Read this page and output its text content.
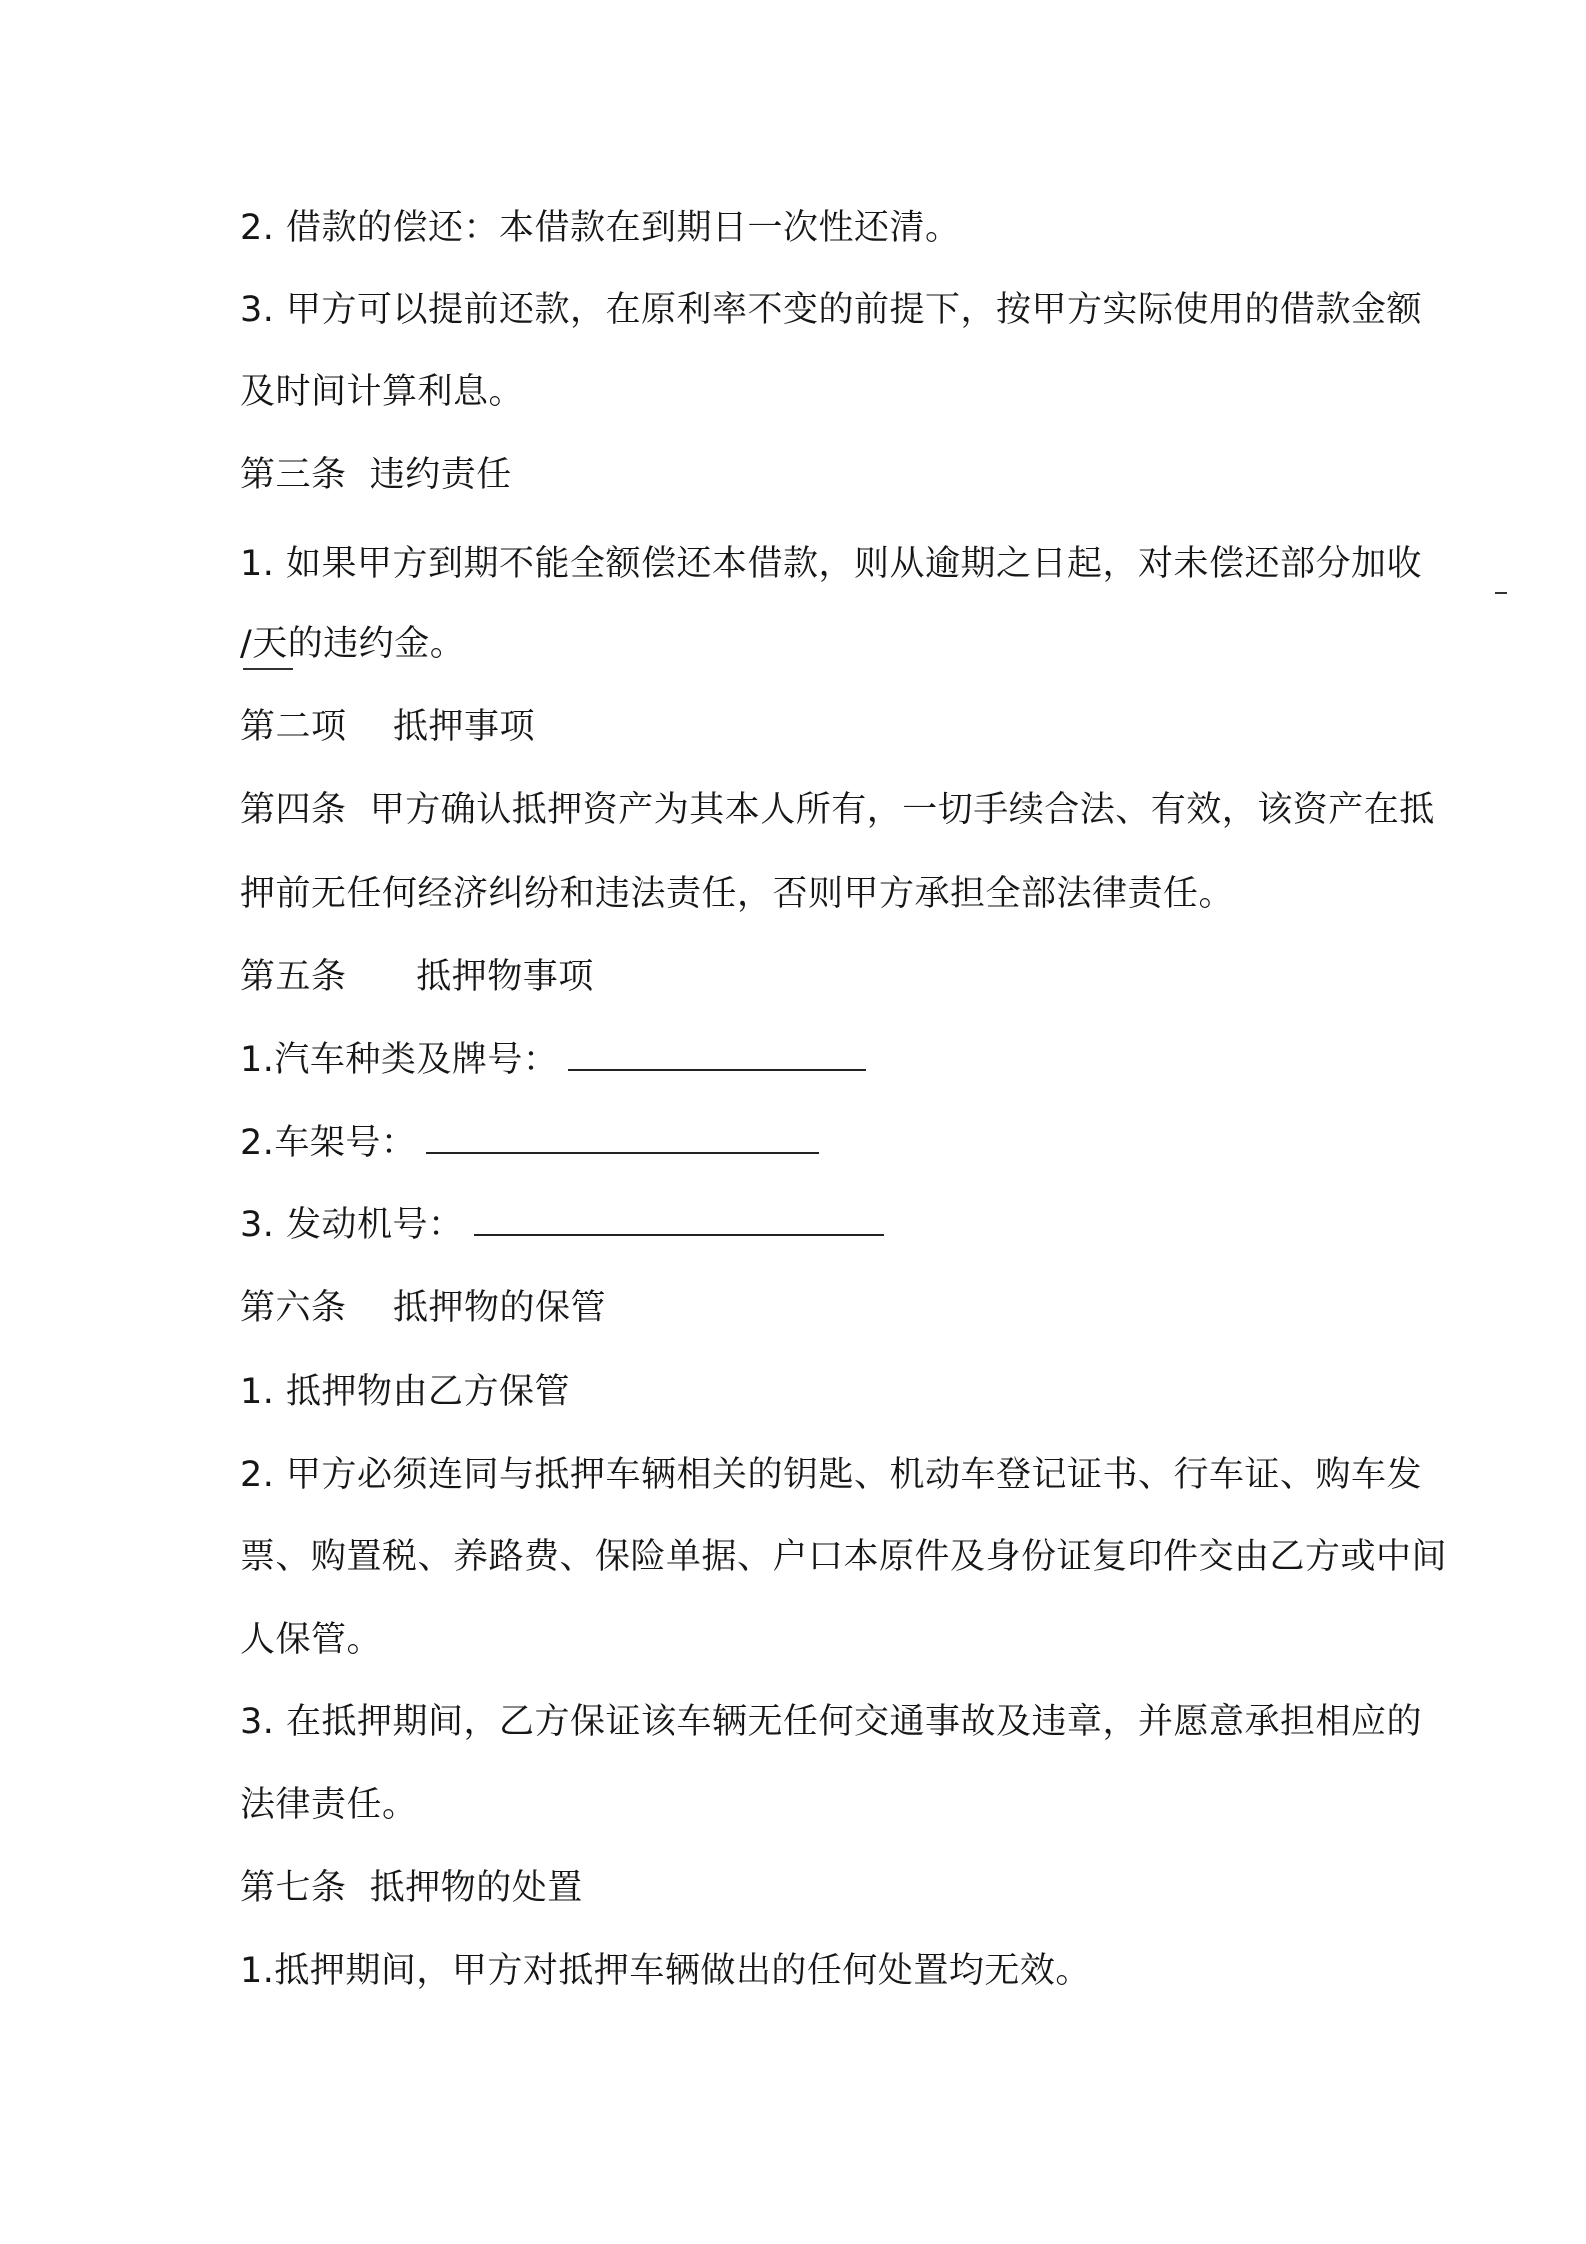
2. 借款的偿还：本借款在到期日一次性还清。
3. 甲方可以提前还款，在原利率不变的前提下，按甲方实际使用的借款金额
及时间计算利息。
第三条  违约责任
1. 如果甲方到期不能全额偿还本借款，则从逾期之日起，对未偿还部分加收
/天的违约金。
第二项    抵押事项
第四条  甲方确认抵押资产为其本人所有，一切手续合法、有效，该资产在抵
押前无任何经济纠纷和违法责任，否则甲方承担全部法律责任。
第五条      抵押物事项
1.汽车种类及牌号：
2.车架号：
3. 发动机号：
第六条    抵押物的保管
1. 抵押物由乙方保管
2. 甲方必须连同与抵押车辆相关的钥匙、机动车登记证书、行车证、购车发
票、购置税、养路费、保险单据、户口本原件及身份证复印件交由乙方或中间
人保管。
3. 在抵押期间，乙方保证该车辆无任何交通事故及违章，并愿意承担相应的
法律责任。
第七条  抵押物的处置
1.抵押期间，甲方对抵押车辆做出的任何处置均无效。
